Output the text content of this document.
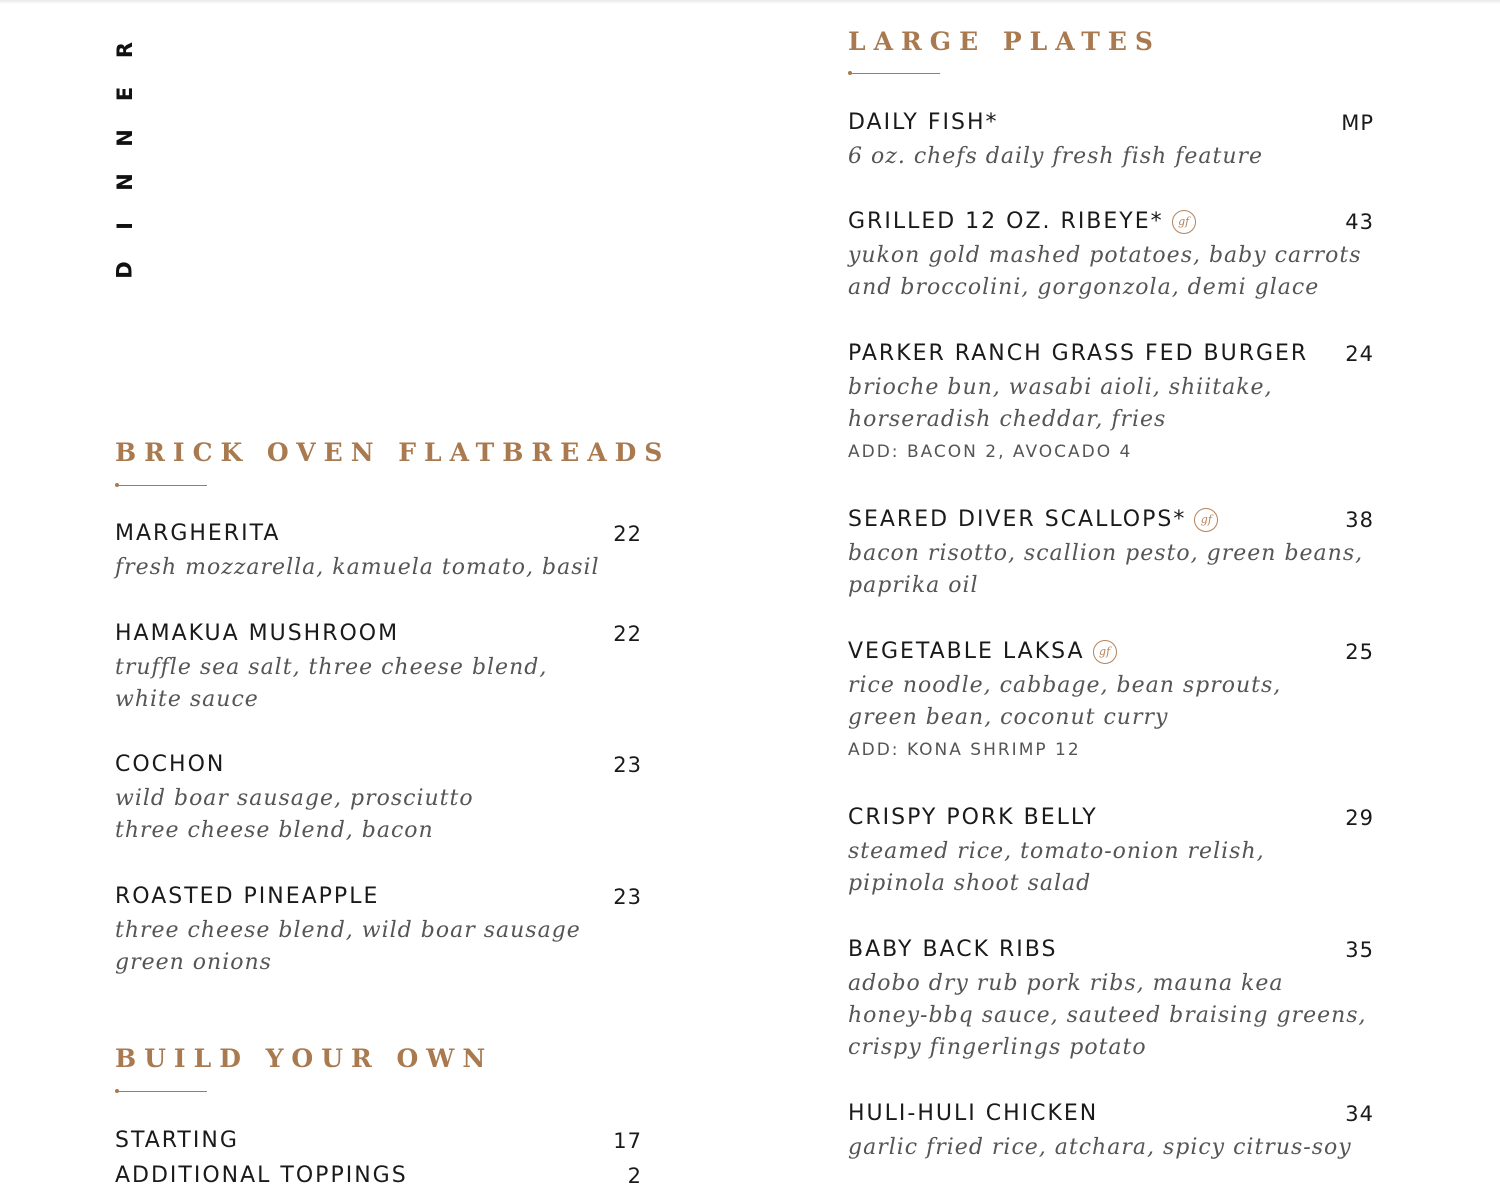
R
E
N
N
I
D
BRICK OVEN FLATBREADS
MARGHERITA	22
fresh mozzarella, kamuela tomato, basil
HAMAKUA MUSHROOM	22
truffle sea salt, three cheese blend,
white sauce
COCHON	23
wild boar sausage, prosciutto
three cheese blend, bacon
ROASTED PINEAPPLE	23
three cheese blend, wild boar sausage
green onions
BUILD YOUR OWN
STARTING	17
ADDITIONAL TOPPINGS	2
LARGE PLATES
DAILY FISH*	MP
6 oz. chefs daily fresh fish feature
GRILLED 12 OZ. RIBEYE* gf	43
yukon gold mashed potatoes, baby carrots
and broccolini, gorgonzola, demi glace
PARKER RANCH GRASS FED BURGER 24
brioche bun, wasabi aioli, shiitake,
horseradish cheddar, fries
ADD: BACON 2, AVOCADO 4
SEARED DIVER SCALLOPS* gf	38
bacon risotto, scallion pesto, green beans,
paprika oil
VEGETABLE LAKSA gf	25
rice noodle, cabbage, bean sprouts,
green bean, coconut curry
ADD: KONA SHRIMP 12
CRISPY PORK BELLY	29
steamed rice, tomato-onion relish,
pipinola shoot salad
BABY BACK RIBS	35
adobo dry rub pork ribs, mauna kea
honey-bbq sauce, sauteed braising greens,
crispy fingerlings potato
HULI-HULI CHICKEN	34
garlic fried rice, atchara, spicy citrus-soy
